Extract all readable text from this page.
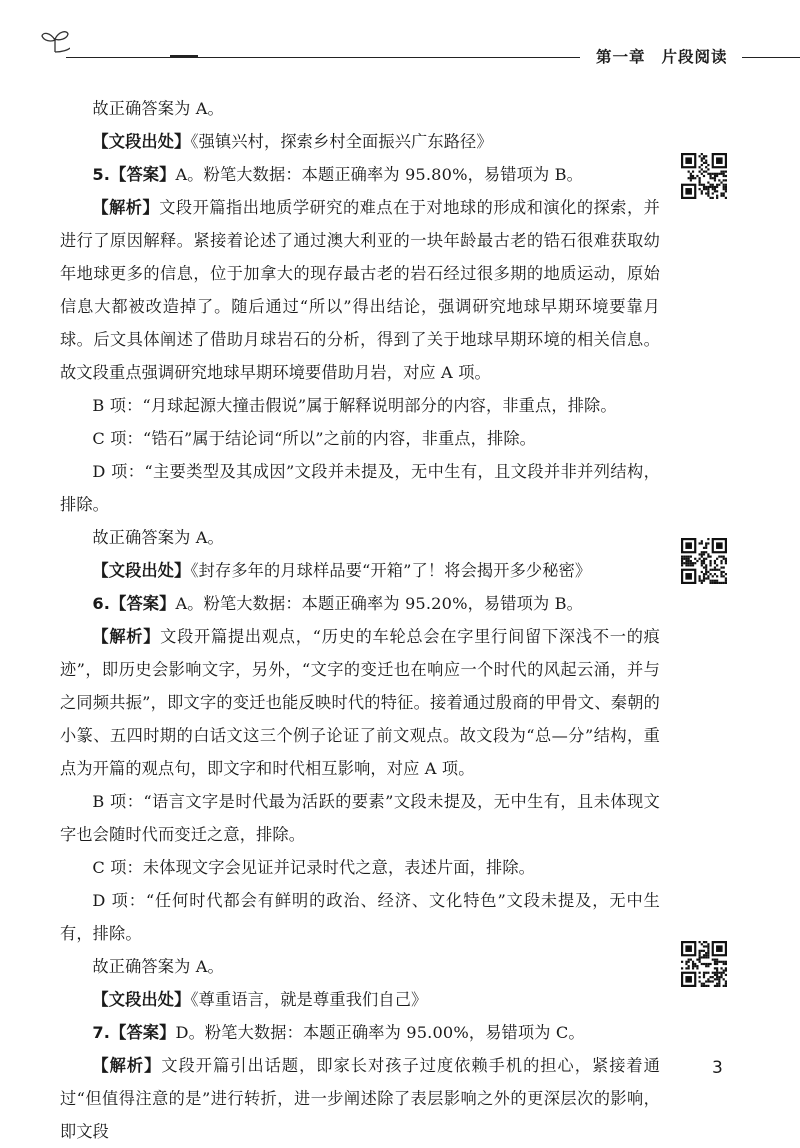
第一章 片段阅读

故正确答案为 A。

【文段出处】《强镇兴村，探索乡村全面振兴广东路径》

5.【答案】A。粉笔大数据：本题正确率为 95.80%，易错项为 B。

【解析】文段开篇指出地质学研究的难点在于对地球的形成和演化的探索，并进行了原因解释。紧接着论述了通过澳大利亚的一块年龄最古老的锆石很难获取幼年地球更多的信息，位于加拿大的现存最古老的岩石经过很多期的地质运动，原始信息大都被改造掉了。随后通过“所以”得出结论，强调研究地球早期环境要靠月球。后文具体阐述了借助月球岩石的分析，得到了关于地球早期环境的相关信息。故文段重点强调研究地球早期环境要借助月岩，对应 A 项。

B 项：“月球起源大撞击假说”属于解释说明部分的内容，非重点，排除。

C 项：“锆石”属于结论词“所以”之前的内容，非重点，排除。

D 项：“主要类型及其成因”文段并未提及，无中生有，且文段并非并列结构，排除。

故正确答案为 A。

【文段出处】《封存多年的月球样品要“开箱”了！将会揭开多少秘密》

6.【答案】A。粉笔大数据：本题正确率为 95.20%，易错项为 B。

【解析】文段开篇提出观点，“历史的车轮总会在字里行间留下深浅不一的痕迹”，即历史会影响文字，另外，“文字的变迁也在响应一个时代的风起云涌，并与之同频共振”，即文字的变迁也能反映时代的特征。接着通过殷商的甲骨文、秦朝的小篆、五四时期的白话文这三个例子论证了前文观点。故文段为“总—分”结构，重点为开篇的观点句，即文字和时代相互影响，对应 A 项。

B 项：“语言文字是时代最为活跃的要素”文段未提及，无中生有，且未体现文字也会随时代而变迁之意，排除。

C 项：未体现文字会见证并记录时代之意，表述片面，排除。

D 项：“任何时代都会有鲜明的政治、经济、文化特色”文段未提及，无中生有，排除。

故正确答案为 A。

【文段出处】《尊重语言，就是尊重我们自己》

7.【答案】D。粉笔大数据：本题正确率为 95.00%，易错项为 C。

【解析】文段开篇引出话题，即家长对孩子过度依赖手机的担心，紧接着通过“但值得注意的是”进行转折，进一步阐述除了表层影响之外的更深层次的影响，即文段

3
